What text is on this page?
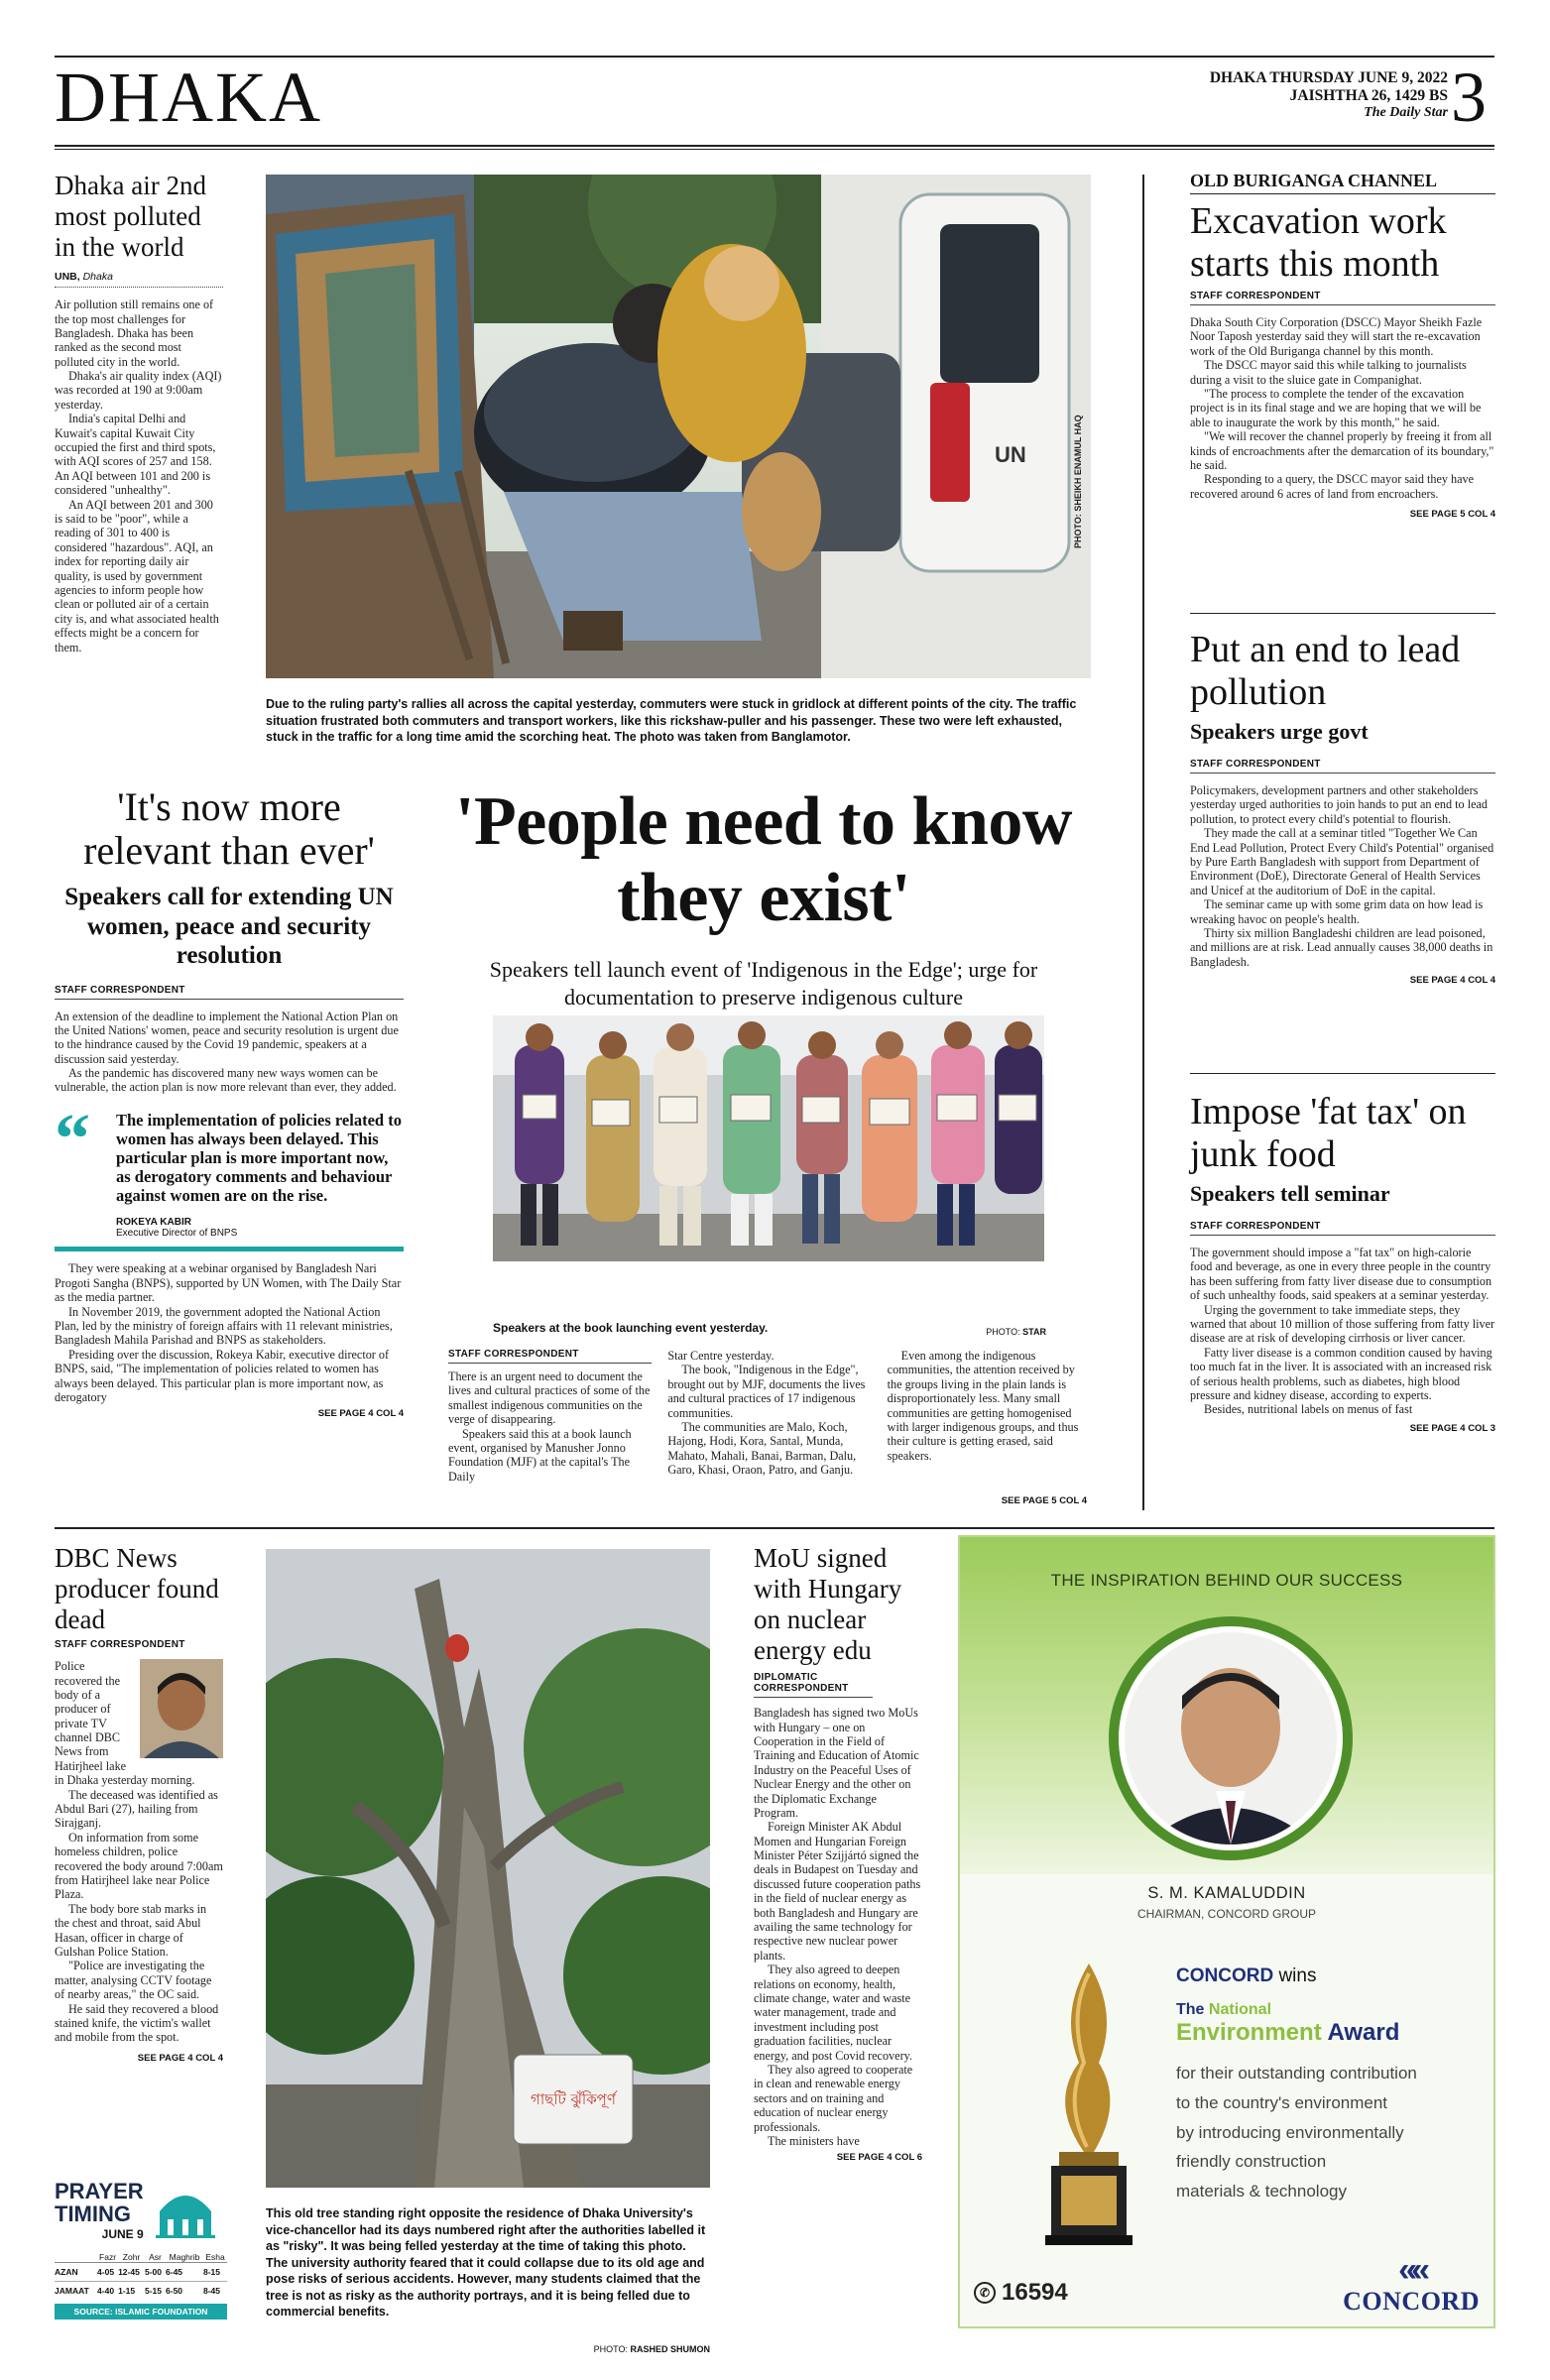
DHAKA	DHAKA THURSDAY JUNE 9, 2022
JAISHTHA 26, 1429 BS
The Daily Star 3
Dhaka air 2nd most polluted in the world
UNB, Dhaka

Air pollution still remains one of the top most challenges for Bangladesh. Dhaka has been ranked as the second most polluted city in the world.

Dhaka's air quality index (AQI) was recorded at 190 at 9:00am yesterday.

India's capital Delhi and Kuwait's capital Kuwait City occupied the first and third spots, with AQI scores of 257 and 158. An AQI between 101 and 200 is considered "unhealthy".

An AQI between 201 and 300 is said to be "poor", while a reading of 301 to 400 is considered "hazardous". AQI, an index for reporting daily air quality, is used by government agencies to inform people how clean or polluted air of a certain city is, and what associated health effects might be a concern for them.

UN	PHOTO: SHEIKH ENAMUL HAQ
Due to the ruling party's rallies all across the capital yesterday, commuters were stuck in gridlock at different points of the city. The traffic situation frustrated both commuters and transport workers, like this rickshaw-puller and his passenger. These two were left exhausted, stuck in the traffic for a long time amid the scorching heat. The photo was taken from Banglamotor.
OLD BURIGANGA CHANNEL
Excavation work starts this month
STAFF CORRESPONDENT

Dhaka South City Corporation (DSCC) Mayor Sheikh Fazle Noor Taposh yesterday said they will start the re-excavation work of the Old Buriganga channel by this month.

The DSCC mayor said this while talking to journalists during a visit to the sluice gate in Companighat.

"The process to complete the tender of the excavation project is in its final stage and we are hoping that we will be able to inaugurate the work by this month," he said.

"We will recover the channel properly by freeing it from all kinds of encroachments after the demarcation of its boundary," he said.

Responding to a query, the DSCC mayor said they have recovered around 6 acres of land from encroachers.

SEE PAGE 5 COL 4
Put an end to lead pollution
Speakers urge govt
STAFF CORRESPONDENT

Policymakers, development partners and other stakeholders yesterday urged authorities to join hands to put an end to lead pollution, to protect every child's potential to flourish.

They made the call at a seminar titled "Together We Can End Lead Pollution, Protect Every Child's Potential" organised by Pure Earth Bangladesh with support from Department of Environment (DoE), Directorate General of Health Services and Unicef at the auditorium of DoE in the capital.

The seminar came up with some grim data on how lead is wreaking havoc on people's health.

Thirty six million Bangladeshi children are lead poisoned, and millions are at risk. Lead annually causes 38,000 deaths in Bangladesh.

SEE PAGE 4 COL 4
Impose 'fat tax' on junk food
Speakers tell seminar
STAFF CORRESPONDENT

The government should impose a "fat tax" on high-calorie food and beverage, as one in every three people in the country has been suffering from fatty liver disease due to consumption of such unhealthy foods, said speakers at a seminar yesterday.

Urging the government to take immediate steps, they warned that about 10 million of those suffering from fatty liver disease are at risk of developing cirrhosis or liver cancer.

Fatty liver disease is a common condition caused by having too much fat in the liver. It is associated with an increased risk of serious health problems, such as diabetes, high blood pressure and kidney disease, according to experts.

Besides, nutritional labels on menus of fast

SEE PAGE 4 COL 3
'It's now more relevant than ever'
Speakers call for extending UN women, peace and security resolution
STAFF CORRESPONDENT

An extension of the deadline to implement the National Action Plan on the United Nations' women, peace and security resolution is urgent due to the hindrance caused by the Covid 19 pandemic, speakers at a discussion said yesterday.

As the pandemic has discovered many new ways women can be vulnerable, the action plan is now more relevant than ever, they added.

“ The implementation of policies related to women has always been delayed. This particular plan is more important now, as derogatory comments and behaviour against women are on the rise.
ROKEYA KABIR
Executive Director of BNPS

They were speaking at a webinar organised by Bangladesh Nari Progoti Sangha (BNPS), supported by UN Women, with The Daily Star as the media partner.

In November 2019, the government adopted the National Action Plan, led by the ministry of foreign affairs with 11 relevant ministries, Bangladesh Mahila Parishad and BNPS as stakeholders.

Presiding over the discussion, Rokeya Kabir, executive director of BNPS, said, "The implementation of policies related to women has always been delayed. This particular plan is more important now, as derogatory

SEE PAGE 4 COL 4
'People need to know they exist'
Speakers tell launch event of 'Indigenous in the Edge'; urge for documentation to preserve indigenous culture
Speakers at the book launching event yesterday.	PHOTO: STAR
STAFF CORRESPONDENT

There is an urgent need to document the lives and cultural practices of some of the smallest indigenous communities on the verge of disappearing.

Speakers said this at a book launch event, organised by Manusher Jonno Foundation (MJF) at the capital's The Daily

Star Centre yesterday.

The book, "Indigenous in the Edge", brought out by MJF, documents the lives and cultural practices of 17 indigenous communities.

The communities are Malo, Koch, Hajong, Hodi, Kora, Santal, Munda, Mahato, Mahali, Banai, Barman, Dalu, Garo, Khasi, Oraon, Patro, and Ganju.

Even among the indigenous communities, the attention received by the groups living in the plain lands is disproportionately less. Many small communities are getting homogenised with larger indigenous groups, and thus their culture is getting erased, said speakers.

SEE PAGE 5 COL 4
DBC News producer found dead
STAFF CORRESPONDENT

Police recovered the body of a producer of private TV channel DBC News from Hatirjheel lake in Dhaka yesterday morning.

The deceased was identified as Abdul Bari (27), hailing from Sirajganj.

On information from some homeless children, police recovered the body around 7:00am from Hatirjheel lake near Police Plaza.

The body bore stab marks in the chest and throat, said Abul Hasan, officer in charge of Gulshan Police Station.

"Police are investigating the matter, analysing CCTV footage of nearby areas," the OC said.

He said they recovered a blood stained knife, the victim's wallet and mobile from the spot.

SEE PAGE 4 COL 4
PRAYER
TIMING
JUNE 9
	Fazr	Zohr	Asr	Maghrib	Esha
AZAN	4-05	12-45	5-00	6-45	8-15
JAMAAT	4-40	1-15	5-15	6-50	8-45
SOURCE: ISLAMIC FOUNDATION
গাছটি ঝুঁকিপূর্ণ
This old tree standing right opposite the residence of Dhaka University's vice-chancellor had its days numbered right after the authorities labelled it as "risky". It was being felled yesterday at the time of taking this photo. The university authority feared that it could collapse due to its old age and pose risks of serious accidents. However, many students claimed that the tree is not as risky as the authority portrays, and it is being felled due to commercial benefits.
PHOTO: RASHED SHUMON
MoU signed with Hungary on nuclear energy edu
DIPLOMATIC CORRESPONDENT

Bangladesh has signed two MoUs with Hungary – one on Cooperation in the Field of Training and Education of Atomic Industry on the Peaceful Uses of Nuclear Energy and the other on the Diplomatic Exchange Program.

Foreign Minister AK Abdul Momen and Hungarian Foreign Minister Péter Szijjártó signed the deals in Budapest on Tuesday and discussed future cooperation paths in the field of nuclear energy as both Bangladesh and Hungary are availing the same technology for respective new nuclear power plants.

They also agreed to deepen relations on economy, health, climate change, water and waste water management, trade and investment including post graduation facilities, nuclear energy, and post Covid recovery.

They also agreed to cooperate in clean and renewable energy sectors and on training and education of nuclear energy professionals.

The ministers have

SEE PAGE 4 COL 6
THE INSPIRATION BEHIND OUR SUCCESS
S. M. KAMALUDDIN
CHAIRMAN, CONCORD GROUP
CONCORD wins
The National
Environment Award
for their outstanding contribution
to the country's environment
by introducing environmentally
friendly construction
materials & technology
✆ 16594
««
CONCORD
